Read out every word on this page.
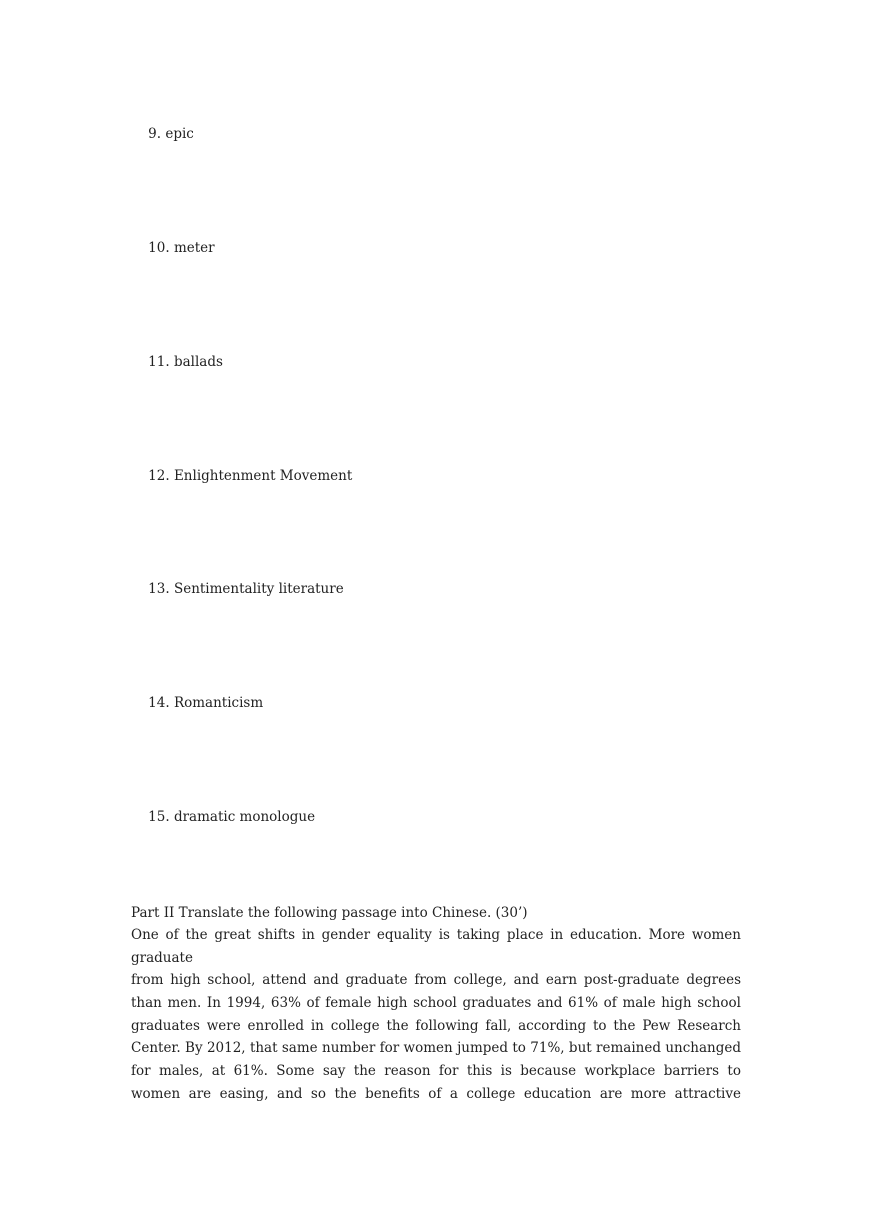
9. epic

10. meter

11. ballads

12. Enlightenment Movement

13. Sentimentality literature

14. Romanticism

15. dramatic monologue

Part II Translate the following passage into Chinese. (30’)
One of the great shifts in gender equality is taking place in education. More women
graduate
from high school, attend and graduate from college, and earn post-graduate degrees
than men. In 1994, 63% of female high school graduates and 61% of male high school
graduates were enrolled in college the following fall, according to the Pew Research
Center. By 2012, that same number for women jumped to 71%, but remained unchanged
for males, at 61%. Some say the reason for this is because workplace barriers to
women are easing, and so the benefits of a college education are more attractive
